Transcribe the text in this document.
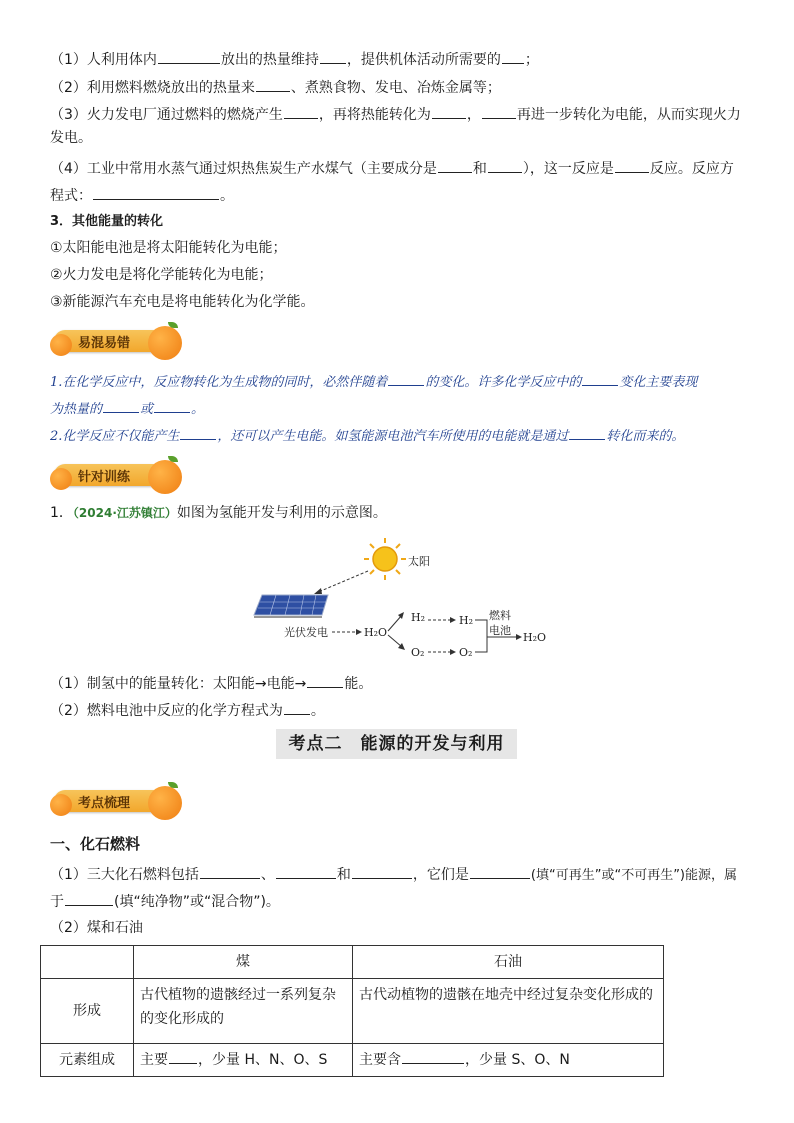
（1）人利用体内	放出的热量维持 ，提供机体活动所需要的 ；
（2）利用燃料燃烧放出的热量来	、煮熟食物、发电、冶炼金属等；
（3）火力发电厂通过燃料的燃烧产生	，再将热能转化为	，	再进一步转化为电能，从而实现火力
发电。
（4）工业中常用水蒸气通过炽热焦炭生产水煤气（主要成分是	和	），这一反应是	反应。反应方
程式：	。
3．其他能量的转化
①太阳能电池是将太阳能转化为电能；
②火力发电是将化学能转化为电能；
③新能源汽车充电是将电能转化为化学能。
易混易错
1.在化学反应中，反应物转化为生成物的同时，必然伴随着	的变化。许多化学反应中的	变化主要表现
为热量的	或	。
2.化学反应不仅能产生	，还可以产生电能。如氢能源电池汽车所使用的电能就是通过	转化而来的。
针对训练
1．（2024·江苏镇江）如图为氢能开发与利用的示意图。
太阳
光伏发电	H₂O
H₂	H₂
O₂	O₂
燃料
电池
H₂O
（1）制氢中的能量转化：太阳能→电能→	能。
（2）燃料电池中反应的化学方程式为 。
考点二　能源的开发与利用
考点梳理
一、化石燃料
（1）三大化石燃料包括	、	和	，它们是	(填“可再生”或“不可再生”)能源，属
于	(填“纯净物”或“混合物”)。
（2）煤和石油
	煤	石油
形成	古代植物的遗骸经过一系列复杂的变化形成的	古代动植物的遗骸在地壳中经过复杂变化形成的
元素组成	主要 ，少量 H、N、O、S	主要含 ，少量 S、O、N
